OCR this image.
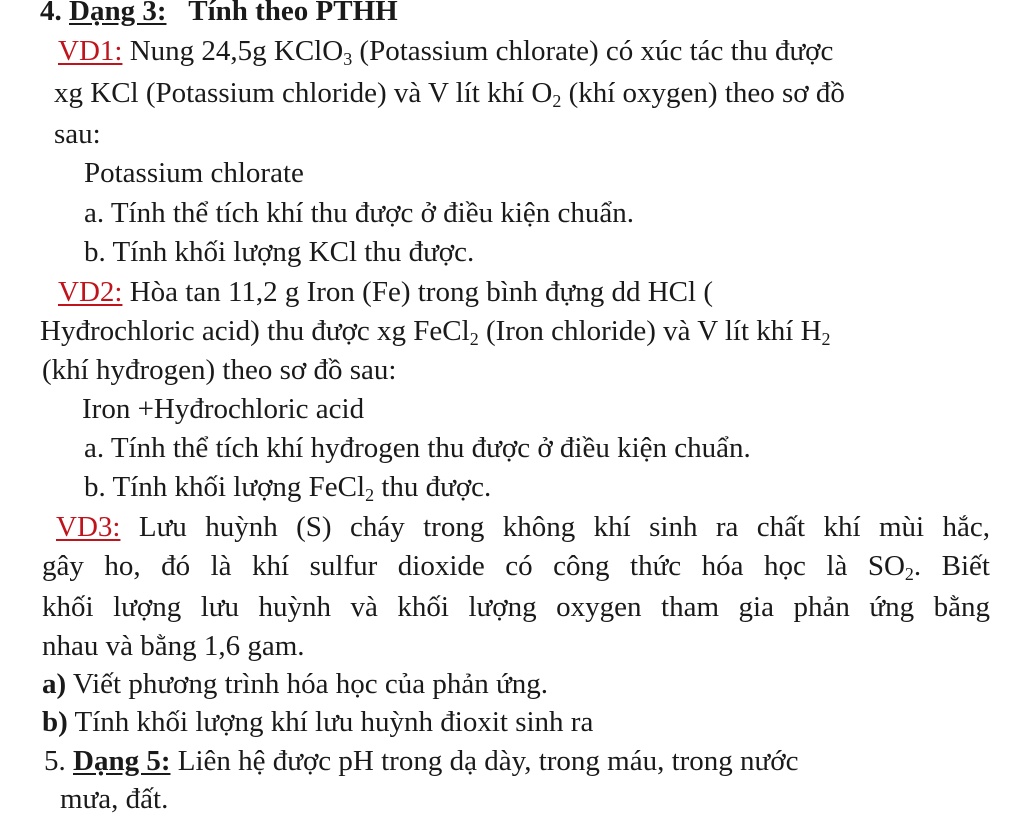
4. Dạng 3: Tính theo PTHH
VD1: Nung 24,5g KClO$_3$ (Potassium chlorate) có xúc tác thu được
xg KCl (Potassium chloride) và V lít khí $O_2$ (khí oxygen) theo sơ đồ
sau:
Potassium chlorate
a. Tính thể tích khí thu được ở điều kiện chuẩn.
b. Tính khối lượng KCl thu được.
VD2: Hòa tan 11,2 g Iron (Fe) trong bình đựng dd HCl (
Hyđrochloric acid) thu được xg FeCl$_2$ (Iron chloride) và V lít khí $H_2$
(khí hyđrogen) theo sơ đồ sau:
Iron +Hyđrochloric acid
a. Tính thể tích khí hyđrogen thu được ở điều kiện chuẩn.
b. Tính khối lượng FeCl$_2$ thu được.
VD3: Lưu huỳnh (S) cháy trong không khí sinh ra chất khí mùi hắc,
gây ho, đó là khí sulfur dioxide có công thức hóa học là $SO_2$. Biết
khối lượng lưu huỳnh và khối lượng oxygen tham gia phản ứng bằng
nhau và bằng 1,6 gam.
a) Viết phương trình hóa học của phản ứng.
b) Tính khối lượng khí lưu huỳnh đioxit sinh ra
5. Dạng 5: Liên hệ được pH trong dạ dày, trong máu, trong nước
mưa, đất.
